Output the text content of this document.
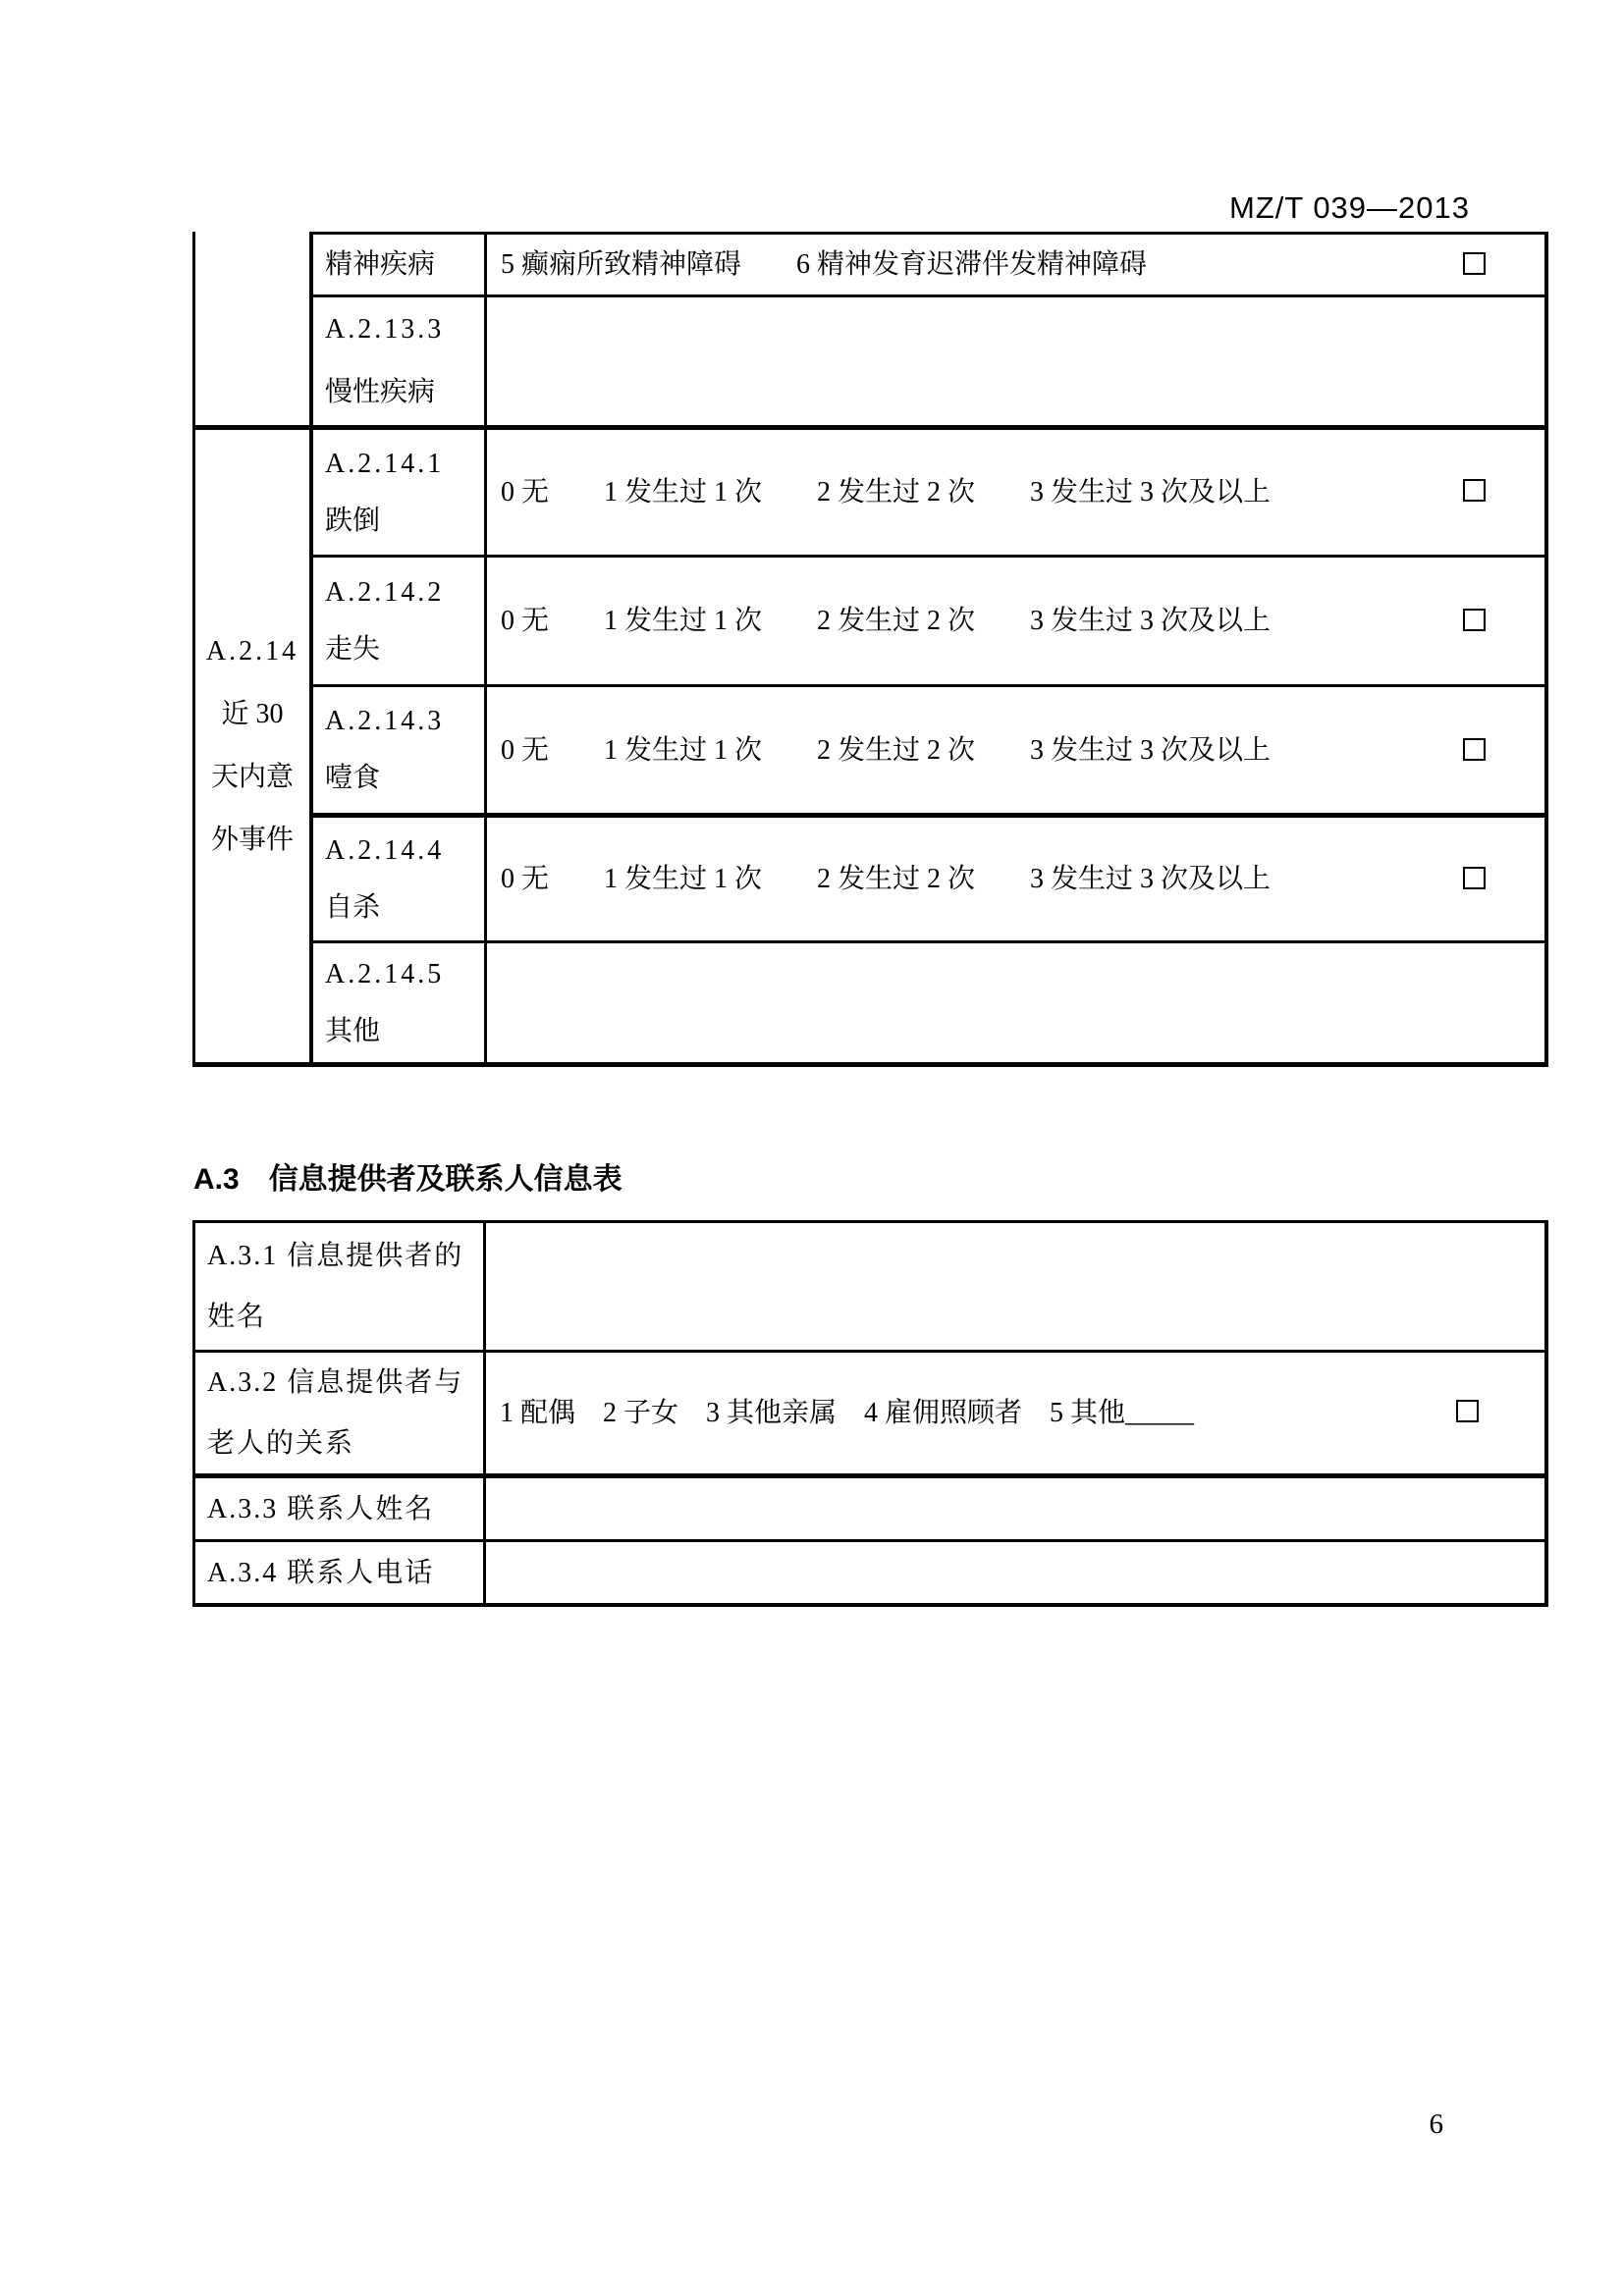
MZ/T 039—2013
精神疾病	5 癫痫所致精神障碍　　6 精神发育迟滞伴发精神障碍
A.2.13.3
慢性疾病
A.2.14
近 30
天内意
外事件
A.2.14.1
跌倒
0 无　　1 发生过 1 次　　2 发生过 2 次　　3 发生过 3 次及以上
A.2.14.2
走失
0 无　　1 发生过 1 次　　2 发生过 2 次　　3 发生过 3 次及以上
A.2.14.3
噎食
0 无　　1 发生过 1 次　　2 发生过 2 次　　3 发生过 3 次及以上
A.2.14.4
自杀
0 无　　1 发生过 1 次　　2 发生过 2 次　　3 发生过 3 次及以上
A.2.14.5
其他
A.3 信息提供者及联系人信息表
A.3.1 信息提供者的
姓名
A.3.2 信息提供者与
老人的关系
1 配偶　2 子女　3 其他亲属　4 雇佣照顾者　5 其他_____
A.3.3 联系人姓名
A.3.4 联系人电话
6
